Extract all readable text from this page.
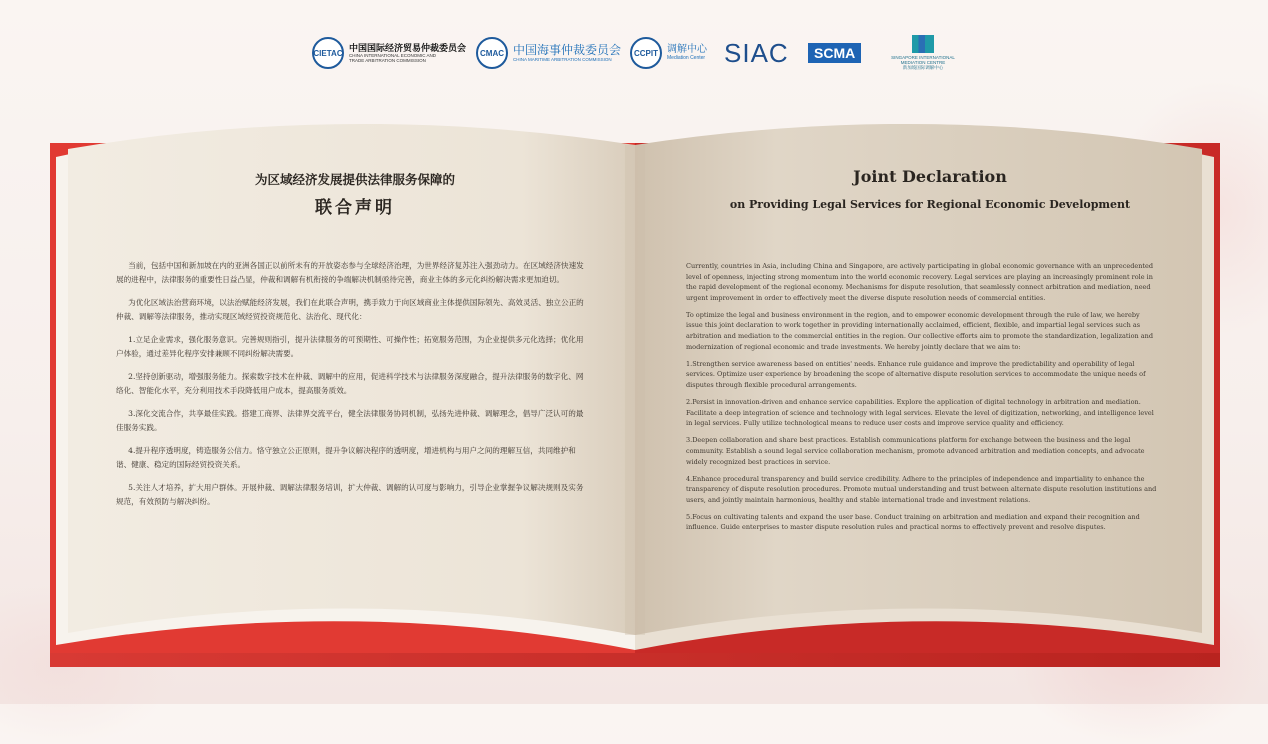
CIETAC
中国国际经济贸易仲裁委员会
CHINA INTERNATIONAL ECONOMIC AND
TRADE ARBITRATION COMMISSION
CMAC 中国海事仲裁委员会
CHINA MARITIME ARBITRATION COMMISSION
CCPIT 调解中心
Mediation Center SIAC	SCMA	SINGAPORE INTERNATIONAL MEDIATION CENTRE
新加坡国际调解中心
为区域经济发展提供法律服务保障的
联合声明

当前，包括中国和新加坡在内的亚洲各国正以前所未有的开放姿态参与全球经济治理，为世界经济复苏注入强劲动力。在区域经济快速发展的进程中，法律服务的重要性日益凸显，仲裁和调解有机衔接的争端解决机制亟待完善，商业主体的多元化纠纷解决需求更加迫切。

为优化区域法治营商环境，以法治赋能经济发展，我们在此联合声明，携手致力于向区域商业主体提供国际领先、高效灵活、独立公正的仲裁、调解等法律服务，推动实现区域经贸投资规范化、法治化、现代化：

1.立足企业需求，强化服务意识。完善规则指引，提升法律服务的可预期性、可操作性；拓宽服务范围，为企业提供多元化选择；优化用户体验，通过差异化程序安排兼顾不同纠纷解决需要。

2.坚持创新驱动，增强服务能力。探索数字技术在仲裁、调解中的应用，促进科学技术与法律服务深度融合，提升法律服务的数字化、网络化、智能化水平，充分利用技术手段降低用户成本，提高服务质效。

3.深化交流合作，共享最佳实践。搭建工商界、法律界交流平台，健全法律服务协同机制，弘扬先进仲裁、调解理念，倡导广泛认可的最佳服务实践。

4.提升程序透明度，铸造服务公信力。恪守独立公正原则，提升争议解决程序的透明度，增进机构与用户之间的理解互信，共同维护和谐、健康、稳定的国际经贸投资关系。

5.关注人才培养，扩大用户群体。开展仲裁、调解法律服务培训，扩大仲裁、调解的认可度与影响力，引导企业掌握争议解决规则及实务规范，有效预防与解决纠纷。

Joint Declaration
on Providing Legal Services for Regional Economic Development

Currently, countries in Asia, including China and Singapore, are actively participating in global economic governance with an unprecedented level of openness, injecting strong momentum into the world economic recovery. Legal services are playing an increasingly prominent role in the rapid development of the regional economy. Mechanisms for dispute resolution, that seamlessly connect arbitration and mediation, need urgent improvement in order to effectively meet the diverse dispute resolution needs of commercial entities.

To optimize the legal and business environment in the region, and to empower economic development through the rule of law, we hereby issue this joint declaration to work together in providing internationally acclaimed, efficient, flexible, and impartial legal services such as arbitration and mediation to the commercial entities in the region. Our collective efforts aim to promote the standardization, legalization and modernization of regional economic and trade investments. We hereby jointly declare that we aim to:

1.Strengthen service awareness based on entities' needs. Enhance rule guidance and improve the predictability and operability of legal services. Optimize user experience by broadening the scope of alternative dispute resolution services to accommodate the unique needs of disputes through flexible procedural arrangements.

2.Persist in innovation-driven and enhance service capabilities. Explore the application of digital technology in arbitration and mediation. Facilitate a deep integration of science and technology with legal services. Elevate the level of digitization, networking, and intelligence level in legal services. Fully utilize technological means to reduce user costs and improve service quality and efficiency.

3.Deepen collaboration and share best practices. Establish communications platform for exchange between the business and the legal community. Establish a sound legal service collaboration mechanism, promote advanced arbitration and mediation concepts, and advocate widely recognized best practices in service.

4.Enhance procedural transparency and build service credibility. Adhere to the principles of independence and impartiality to enhance the transparency of dispute resolution procedures. Promote mutual understanding and trust between alternate dispute resolution institutions and users, and jointly maintain harmonious, healthy and stable international trade and investment relations.

5.Focus on cultivating talents and expand the user base. Conduct training on arbitration and mediation and expand their recognition and influence. Guide enterprises to master dispute resolution rules and practical norms to effectively prevent and resolve disputes.
